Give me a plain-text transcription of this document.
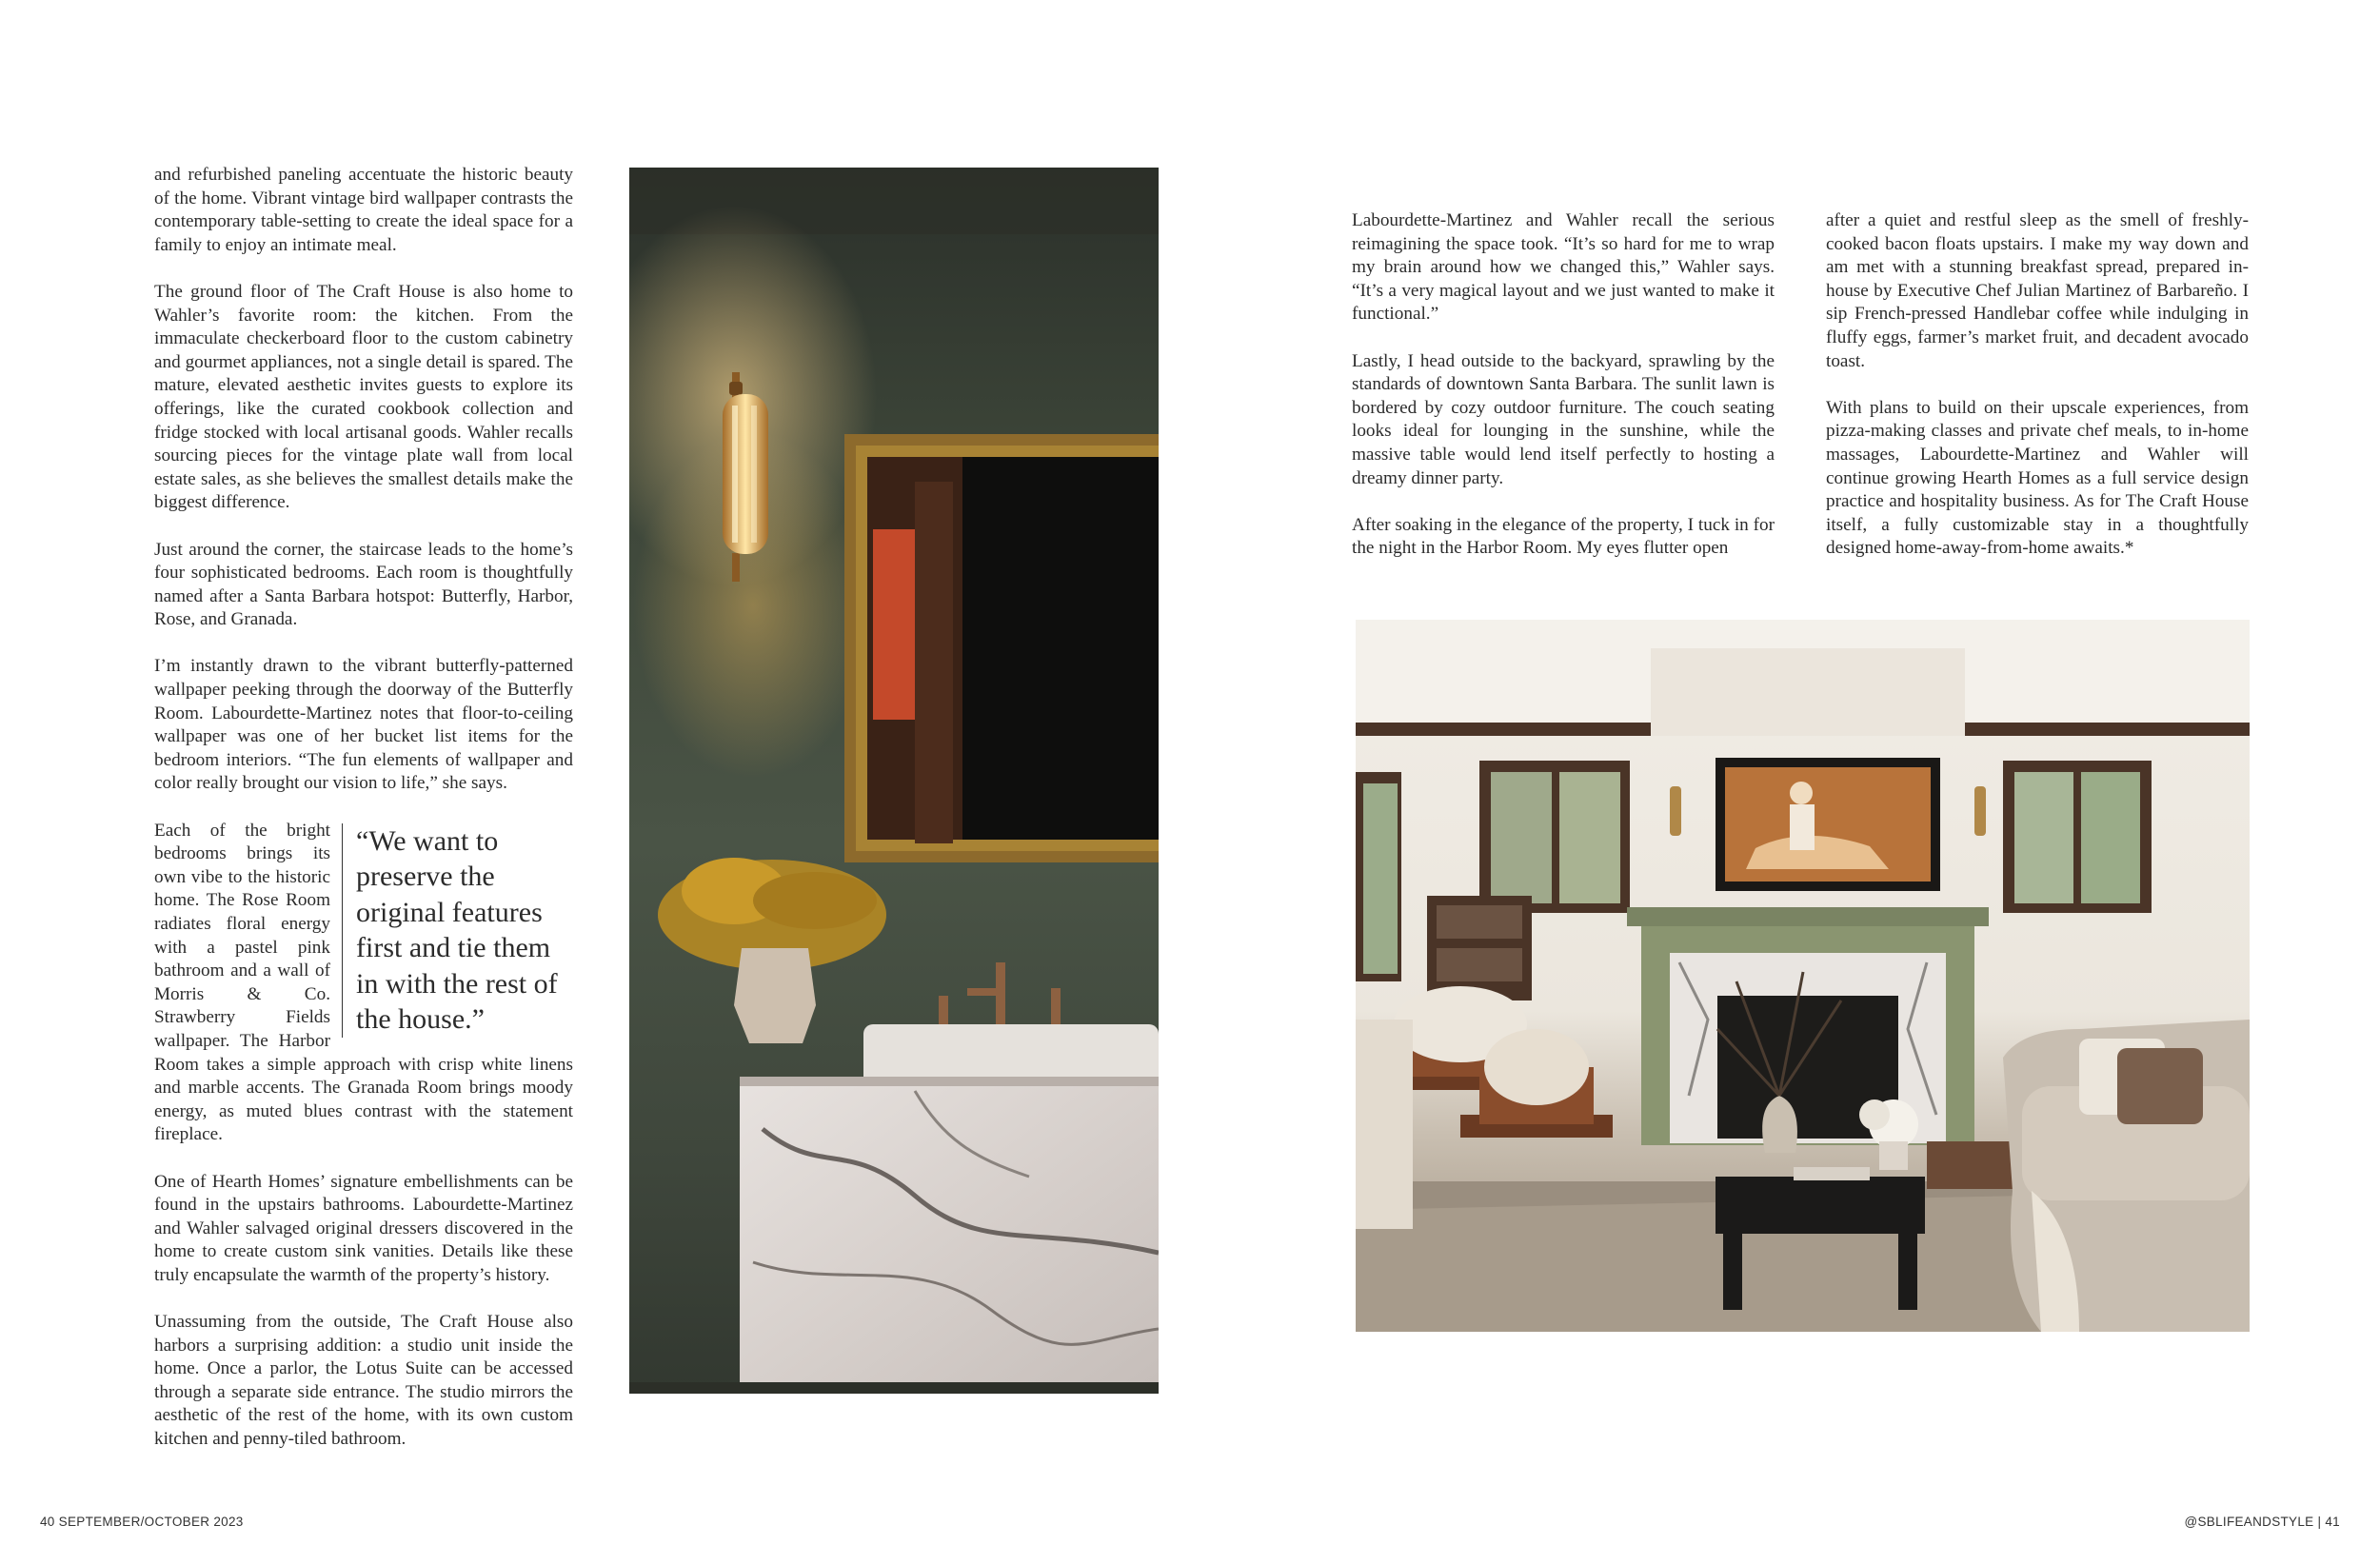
and refurbished paneling accentuate the historic beauty of the home. Vibrant vintage bird wallpaper contrasts the contemporary table-setting to create the ideal space for a family to enjoy an intimate meal.

The ground floor of The Craft House is also home to Wahler’s favorite room: the kitchen. From the immaculate checkerboard floor to the custom cabinetry and gourmet appliances, not a single detail is spared. The mature, elevated aesthetic invites guests to explore its offerings, like the curated cookbook collection and fridge stocked with local artisanal goods. Wahler recalls sourcing pieces for the vintage plate wall from local estate sales, as she believes the smallest details make the biggest difference.

Just around the corner, the staircase leads to the home’s four sophisticated bedrooms. Each room is thoughtfully named after a Santa Barbara hotspot: Butterfly, Harbor, Rose, and Granada.

I’m instantly drawn to the vibrant butterfly-patterned wallpaper peeking through the doorway of the Butterfly Room. Labourdette-Martinez notes that floor-to-ceiling wallpaper was one of her bucket list items for the bedroom interiors. “The fun elements of wallpaper and color really brought our vision to life,” she says.

“We want to preserve the original features first and tie them in with the rest of the house.”
Each of the bright bedrooms brings its own vibe to the historic home. The Rose Room radiates floral energy with a pastel pink bathroom and a wall of Morris & Co. Strawberry Fields wallpaper. The Harbor Room takes a simple approach with crisp white linens and marble accents. The Granada Room brings moody energy, as muted blues contrast with the statement fireplace.

One of Hearth Homes’ signature embellishments can be found in the upstairs bathrooms. Labourdette-Martinez and Wahler salvaged original dressers discovered in the home to create custom sink vanities. Details like these truly encapsulate the warmth of the property’s history.

Unassuming from the outside, The Craft House also harbors a surprising addition: a studio unit inside the home. Once a parlor, the Lotus Suite can be accessed through a separate side entrance. The studio mirrors the aesthetic of the rest of the home, with its own custom kitchen and penny-tiled bathroom.

Labourdette-Martinez and Wahler recall the serious reimagining the space took. “It’s so hard for me to wrap my brain around how we changed this,” Wahler says. “It’s a very magical layout and we just wanted to make it functional.”

Lastly, I head outside to the backyard, sprawling by the standards of downtown Santa Barbara. The sunlit lawn is bordered by cozy outdoor furniture. The couch seating looks ideal for lounging in the sunshine, while the massive table would lend itself perfectly to hosting a dreamy dinner party.

After soaking in the elegance of the property, I tuck in for the night in the Harbor Room. My eyes flutter open

after a quiet and restful sleep as the smell of freshly-cooked bacon floats upstairs. I make my way down and am met with a stunning breakfast spread, prepared in-house by Executive Chef Julian Martinez of Barbareño. I sip French-pressed Handlebar coffee while indulging in fluffy eggs, farmer’s market fruit, and decadent avocado toast.

With plans to build on their upscale experiences, from pizza-making classes and private chef meals, to in-home massages, Labourdette-Martinez and Wahler will continue growing Hearth Homes as a full service design practice and hospitality business. As for The Craft House itself, a fully customizable stay in a thoughtfully designed home-away-from-home awaits.*

40 SEPTEMBER/OCTOBER 2023	@SBLIFEANDSTYLE | 41
